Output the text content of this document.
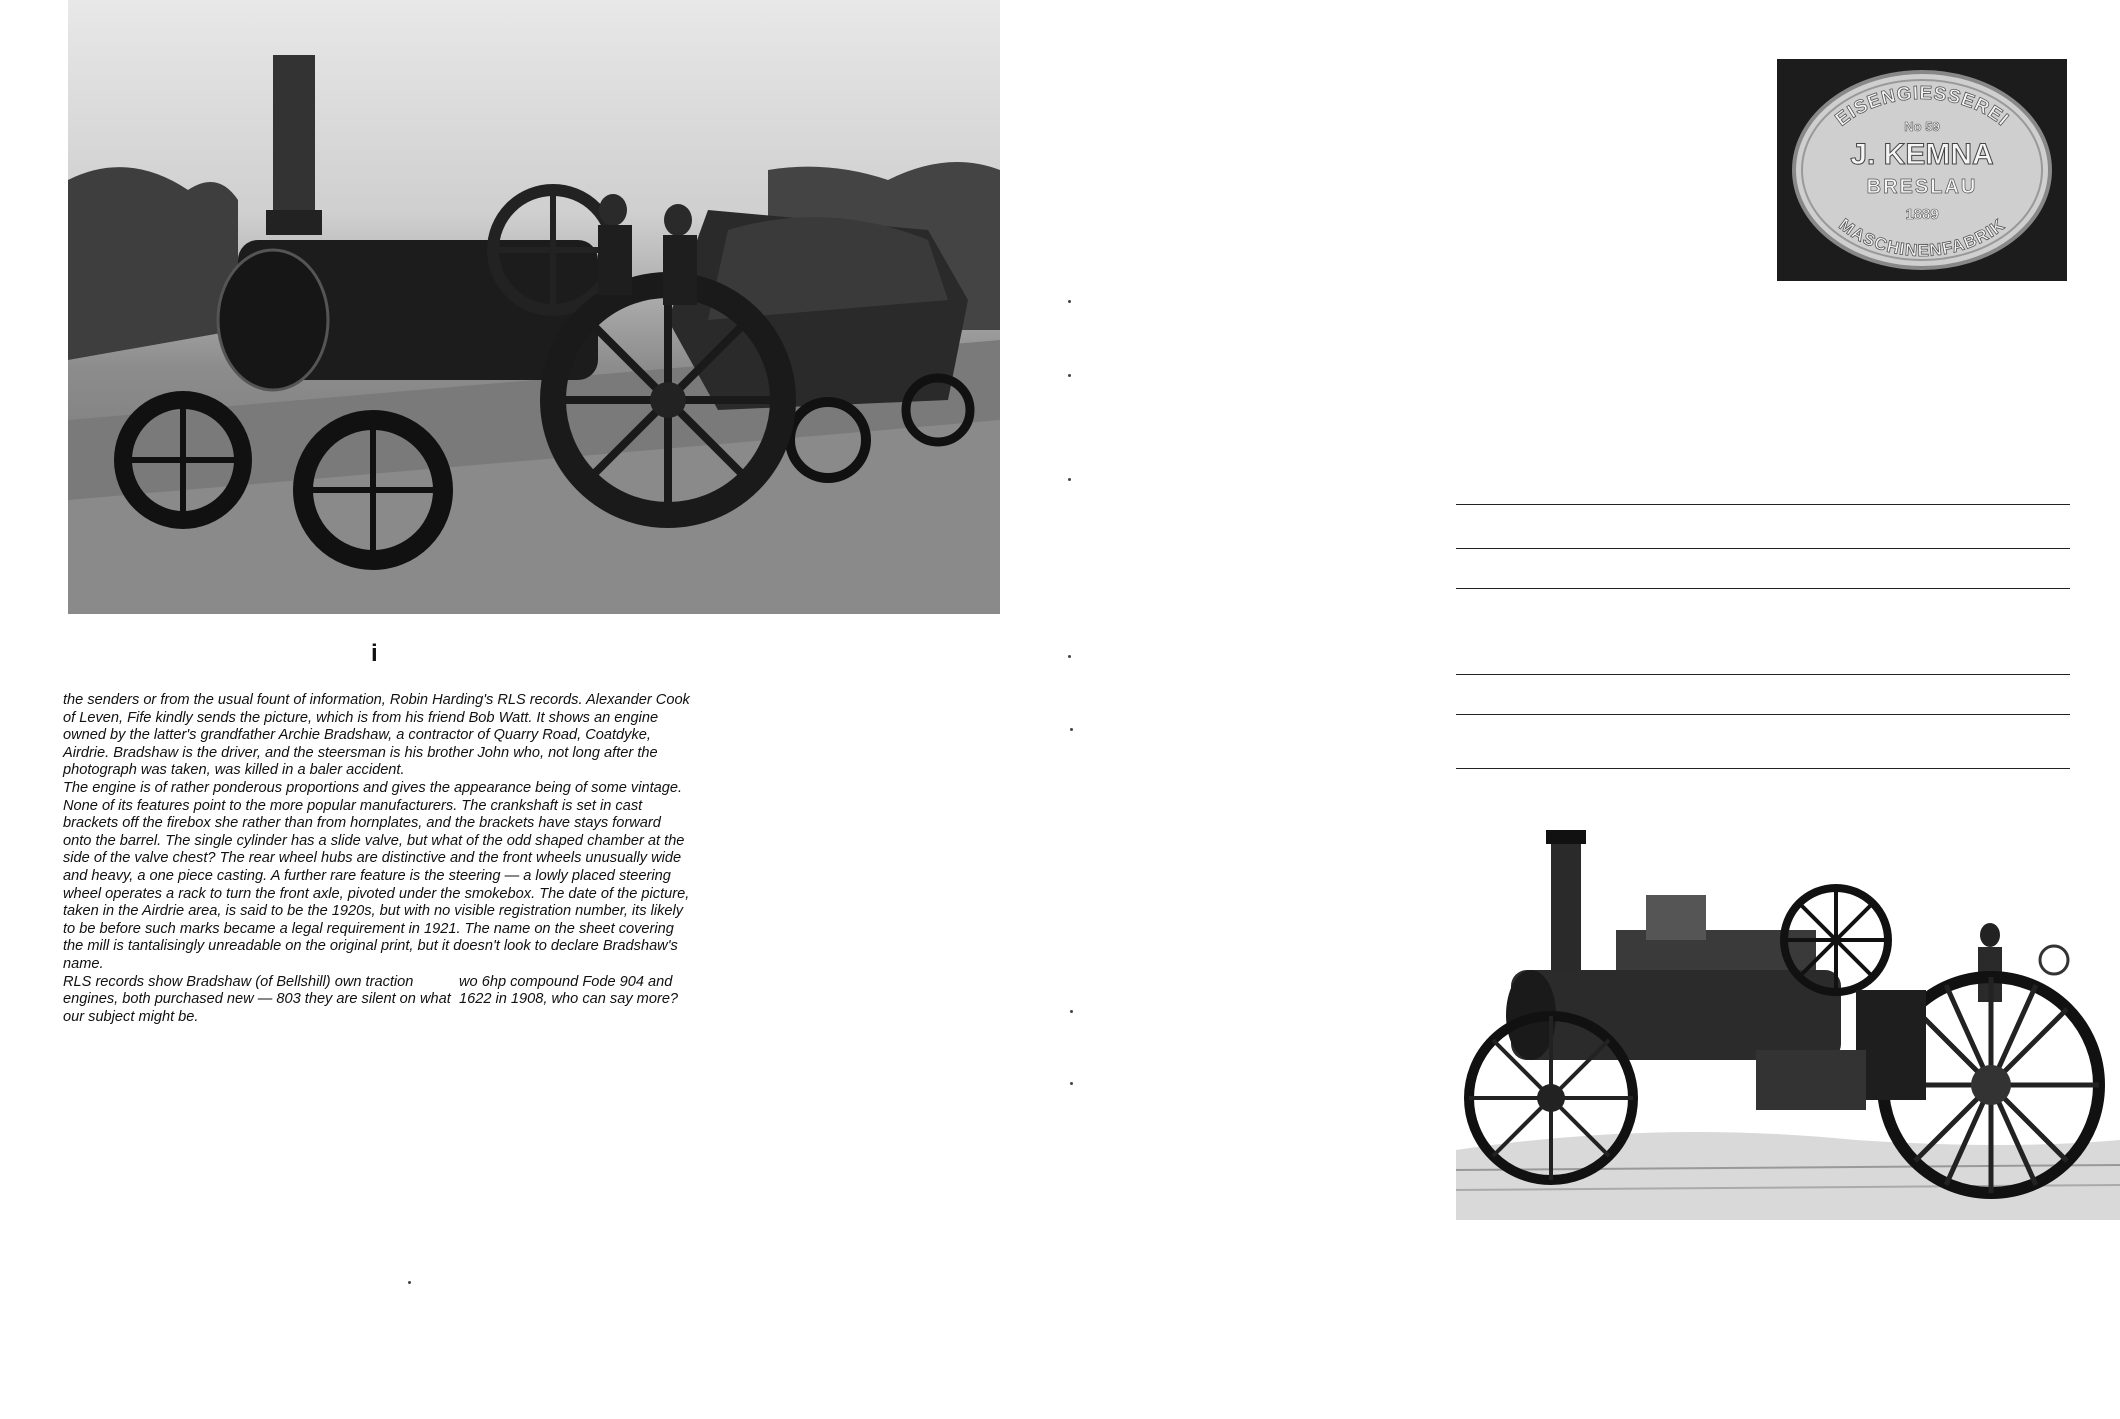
i

the senders or from the usual fount of information, Robin Harding's RLS records. Alexander Cook of Leven, Fife kindly sends the picture, which is from his friend Bob Watt. It shows an engine owned by the latter's grandfather Archie Bradshaw, a contractor of Quarry Road, Coatdyke, Airdrie. Bradshaw is the driver, and the steersman is his brother John who, not long after the photograph was taken, was killed in a baler accident.

The engine is of rather ponderous proportions and gives the appearance being of some vintage. None of its features point to the more popular manufacturers. The crankshaft is set in cast brackets off the firebox she rather than from hornplates, and the brackets have stays forward onto the barrel. The single cylinder has a slide valve, but what of the odd shaped chamber at the side of the valve chest? The rear wheel hubs are distinctive and the front wheels unusually wide and heavy, a one piece casting. A further rare feature is the steering — a lowly placed steering wheel operates a rack to turn the front axle, pivoted under the smokebox. The date of the picture, taken in the Airdrie area, is said to be the 1920s, but with no visible registration number, its likely to be before such marks became a legal requirement in 1921. The name on the sheet covering the mill is tantalisingly unreadable on the original print, but it doesn't look to declare Bradshaw's name.

RLS records show Bradshaw (of Bellshill) own traction engines, both purchased new — 803 they are silent on what our subject might be.

wo 6hp compound Fode 904 and 1622 in 1908, who can say more?

EISENGIESSEREI
MASCHINENFABRIK
No 59
J. KEMNA
BRESLAU
1889
